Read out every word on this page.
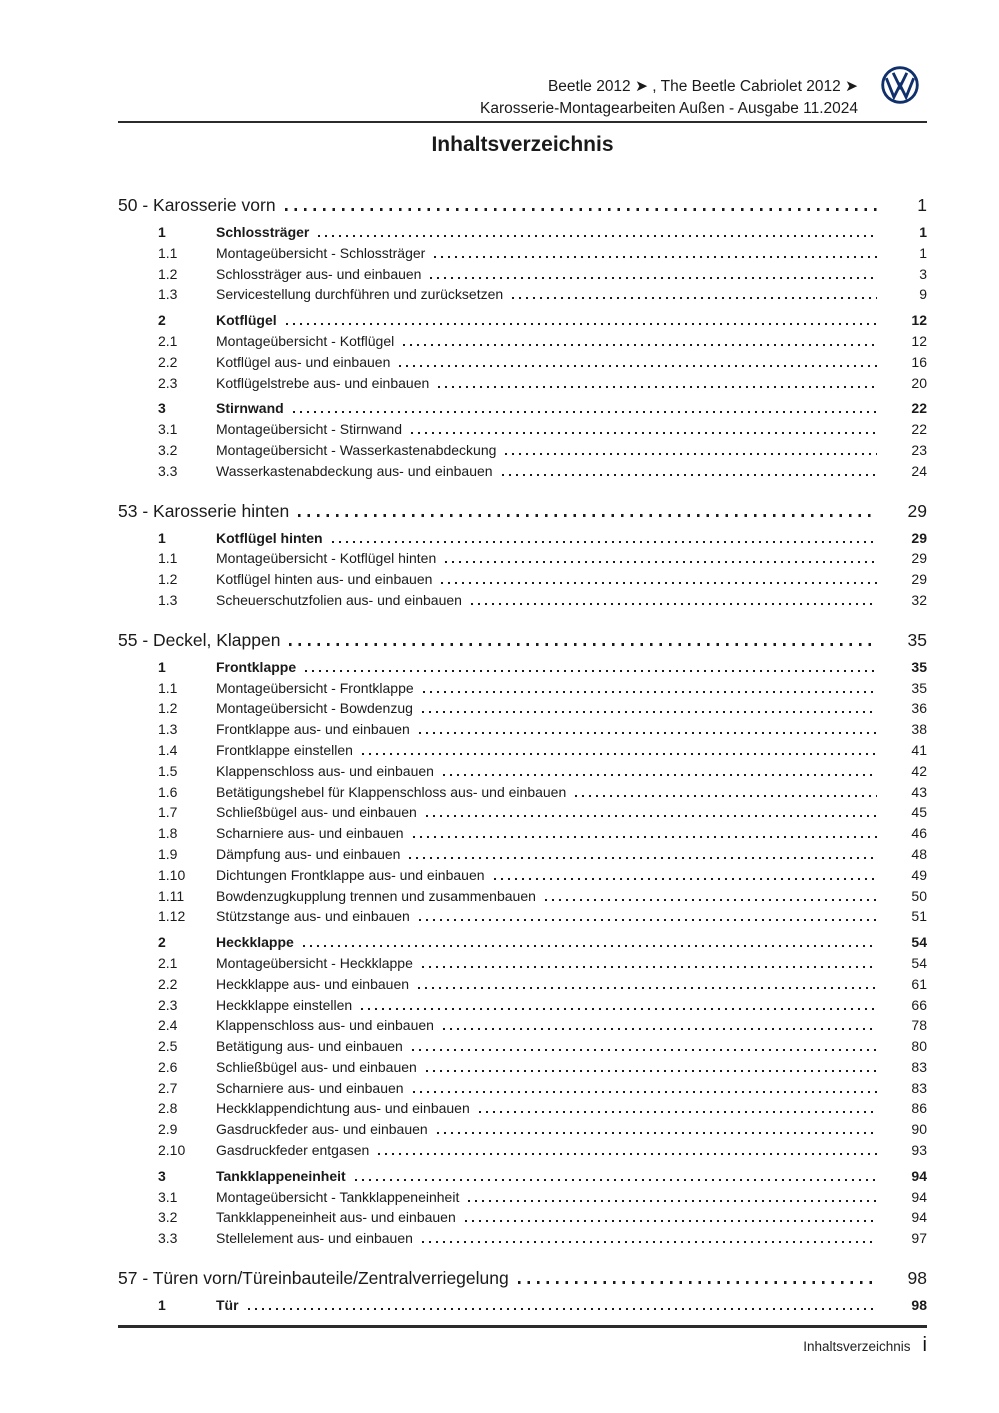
Beetle 2012 ➤ , The Beetle Cabriolet 2012 ➤
Karosserie-Montagearbeiten Außen - Ausgabe 11.2024
Inhaltsverzeichnis
50 - Karosserie vorn	1
1	Schlossträger	1
1.1	Montageübersicht - Schlossträger	1
1.2	Schlossträger aus- und einbauen	3
1.3	Servicestellung durchführen und zurücksetzen	9
2	Kotflügel	12
2.1	Montageübersicht - Kotflügel	12
2.2	Kotflügel aus- und einbauen	16
2.3	Kotflügelstrebe aus- und einbauen	20
3	Stirnwand	22
3.1	Montageübersicht - Stirnwand	22
3.2	Montageübersicht - Wasserkastenabdeckung	23
3.3	Wasserkastenabdeckung aus- und einbauen	24
53 - Karosserie hinten	29
1	Kotflügel hinten	29
1.1	Montageübersicht - Kotflügel hinten	29
1.2	Kotflügel hinten aus- und einbauen	29
1.3	Scheuerschutzfolien aus- und einbauen	32
55 - Deckel, Klappen	35
1	Frontklappe	35
1.1	Montageübersicht - Frontklappe	35
1.2	Montageübersicht - Bowdenzug	36
1.3	Frontklappe aus- und einbauen	38
1.4	Frontklappe einstellen	41
1.5	Klappenschloss aus- und einbauen	42
1.6	Betätigungshebel für Klappenschloss aus- und einbauen	43
1.7	Schließbügel aus- und einbauen	45
1.8	Scharniere aus- und einbauen	46
1.9	Dämpfung aus- und einbauen	48
1.10	Dichtungen Frontklappe aus- und einbauen	49
1.11	Bowdenzugkupplung trennen und zusammenbauen	50
1.12	Stützstange aus- und einbauen	51
2	Heckklappe	54
2.1	Montageübersicht - Heckklappe	54
2.2	Heckklappe aus- und einbauen	61
2.3	Heckklappe einstellen	66
2.4	Klappenschloss aus- und einbauen	78
2.5	Betätigung aus- und einbauen	80
2.6	Schließbügel aus- und einbauen	83
2.7	Scharniere aus- und einbauen	83
2.8	Heckklappendichtung aus- und einbauen	86
2.9	Gasdruckfeder aus- und einbauen	90
2.10	Gasdruckfeder entgasen	93
3	Tankklappeneinheit	94
3.1	Montageübersicht - Tankklappeneinheit	94
3.2	Tankklappeneinheit aus- und einbauen	94
3.3	Stellelement aus- und einbauen	97
57 - Türen vorn/Türeinbauteile/Zentralverriegelung	98
1	Tür	98
Inhaltsverzeichnis i
